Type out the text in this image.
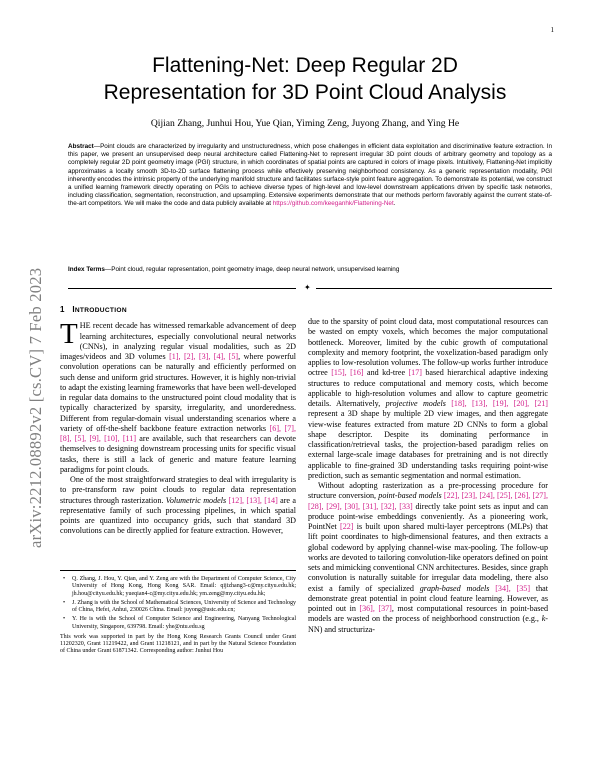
1
arXiv:2212.08892v2 [cs.CV] 7 Feb 2023
Flattening-Net: Deep Regular 2D
Representation for 3D Point Cloud Analysis
Qijian Zhang, Junhui Hou, Yue Qian, Yiming Zeng, Juyong Zhang, and Ying He
Abstract—Point clouds are characterized by irregularity and unstructuredness, which pose challenges in efficient data exploitation and discriminative feature extraction. In this paper, we present an unsupervised deep neural architecture called Flattening-Net to represent irregular 3D point clouds of arbitrary geometry and topology as a completely regular 2D point geometry image (PGI) structure, in which coordinates of spatial points are captured in colors of image pixels. Intuitively, Flattening-Net implicitly approximates a locally smooth 3D-to-2D surface flattening process while effectively preserving neighborhood consistency. As a generic representation modality, PGI inherently encodes the intrinsic property of the underlying manifold structure and facilitates surface-style point feature aggregation. To demonstrate its potential, we construct a unified learning framework directly operating on PGIs to achieve diverse types of high-level and low-level downstream applications driven by specific task networks, including classification, segmentation, reconstruction, and upsampling. Extensive experiments demonstrate that our methods perform favorably against the current state-of-the-art competitors. We will make the code and data publicly available at https://github.com/keeganhk/Flattening-Net.
Index Terms—Point cloud, regular representation, point geometry image, deep neural network, unsupervised learning
✦

1 INTRODUCTION

THE recent decade has witnessed remarkable advancement of deep learning architectures, especially convolutional neural networks (CNNs), in analyzing regular visual modalities, such as 2D images/videos and 3D volumes [1], [2], [3], [4], [5], where powerful convolution operations can be naturally and efficiently performed on such dense and uniform grid structures. However, it is highly non-trivial to adapt the existing learning frameworks that have been well-developed in regular data domains to the unstructured point cloud modality that is typically characterized by sparsity, irregularity, and unorderedness. Different from regular-domain visual understanding scenarios where a variety of off-the-shelf backbone feature extraction networks [6], [7], [8], [5], [9], [10], [11] are available, such that researchers can devote themselves to designing downstream processing units for specific visual tasks, there is still a lack of generic and mature feature learning paradigms for point clouds.

One of the most straightforward strategies to deal with irregularity is to pre-transform raw point clouds to regular data representation structures through rasterization. Volumetric models [12], [13], [14] are a representative family of such processing pipelines, in which spatial points are quantized into occupancy grids, such that standard 3D convolutions can be directly applied for feature extraction. However,

• Q. Zhang, J. Hou, Y. Qian, and Y. Zeng are with the Department of Computer Science, City University of Hong Kong, Hong Kong SAR. Email: qijizhang3-c@my.cityu.edu.hk; jh.hou@cityu.edu.hk; yueqian4-c@my.cityu.edu.hk; ym.zeng@my.cityu.edu.hk;

• J. Zhang is with the School of Mathematical Sciences, University of Science and Technology of China, Hefei, Anhui, 230026 China. Email: juyong@ustc.edu.cn;

• Y. He is with the School of Computer Science and Engineering, Nanyang Technological University, Singapore, 639798. Email: yhe@ntu.edu.sg

This work was supported in part by the Hong Kong Research Grants Council under Grant 11202320, Grant 11219422, and Grant 11218121, and in part by the Natural Science Foundation of China under Grant 61871342. Corresponding author: Junhui Hou

due to the sparsity of point cloud data, most computational resources can be wasted on empty voxels, which becomes the major computational bottleneck. Moreover, limited by the cubic growth of computational complexity and memory footprint, the voxelization-based paradigm only applies to low-resolution volumes. The follow-up works further introduce octree [15], [16] and kd-tree [17] based hierarchical adaptive indexing structures to reduce computational and memory costs, which become applicable to high-resolution volumes and allow to capture geometric details. Alternatively, projective models [18], [13], [19], [20], [21] represent a 3D shape by multiple 2D view images, and then aggregate view-wise features extracted from mature 2D CNNs to form a global shape descriptor. Despite its dominating performance in classification/retrieval tasks, the projection-based paradigm relies on external large-scale image databases for pretraining and is not directly applicable to fine-grained 3D understanding tasks requiring point-wise prediction, such as semantic segmentation and normal estimation.

Without adopting rasterization as a pre-processing procedure for structure conversion, point-based models [22], [23], [24], [25], [26], [27], [28], [29], [30], [31], [32], [33] directly take point sets as input and can produce point-wise embeddings conveniently. As a pioneering work, PointNet [22] is built upon shared multi-layer perceptrons (MLPs) that lift point coordinates to high-dimensional features, and then extracts a global codeword by applying channel-wise max-pooling. The follow-up works are devoted to tailoring convolution-like operators defined on point sets and mimicking conventional CNN architectures. Besides, since graph convolution is naturally suitable for irregular data modeling, there also exist a family of specialized graph-based models [34], [35] that demonstrate great potential in point cloud feature learning. However, as pointed out in [36], [37], most computational resources in point-based models are wasted on the process of neighborhood construction (e.g., k-NN) and structuriza-
